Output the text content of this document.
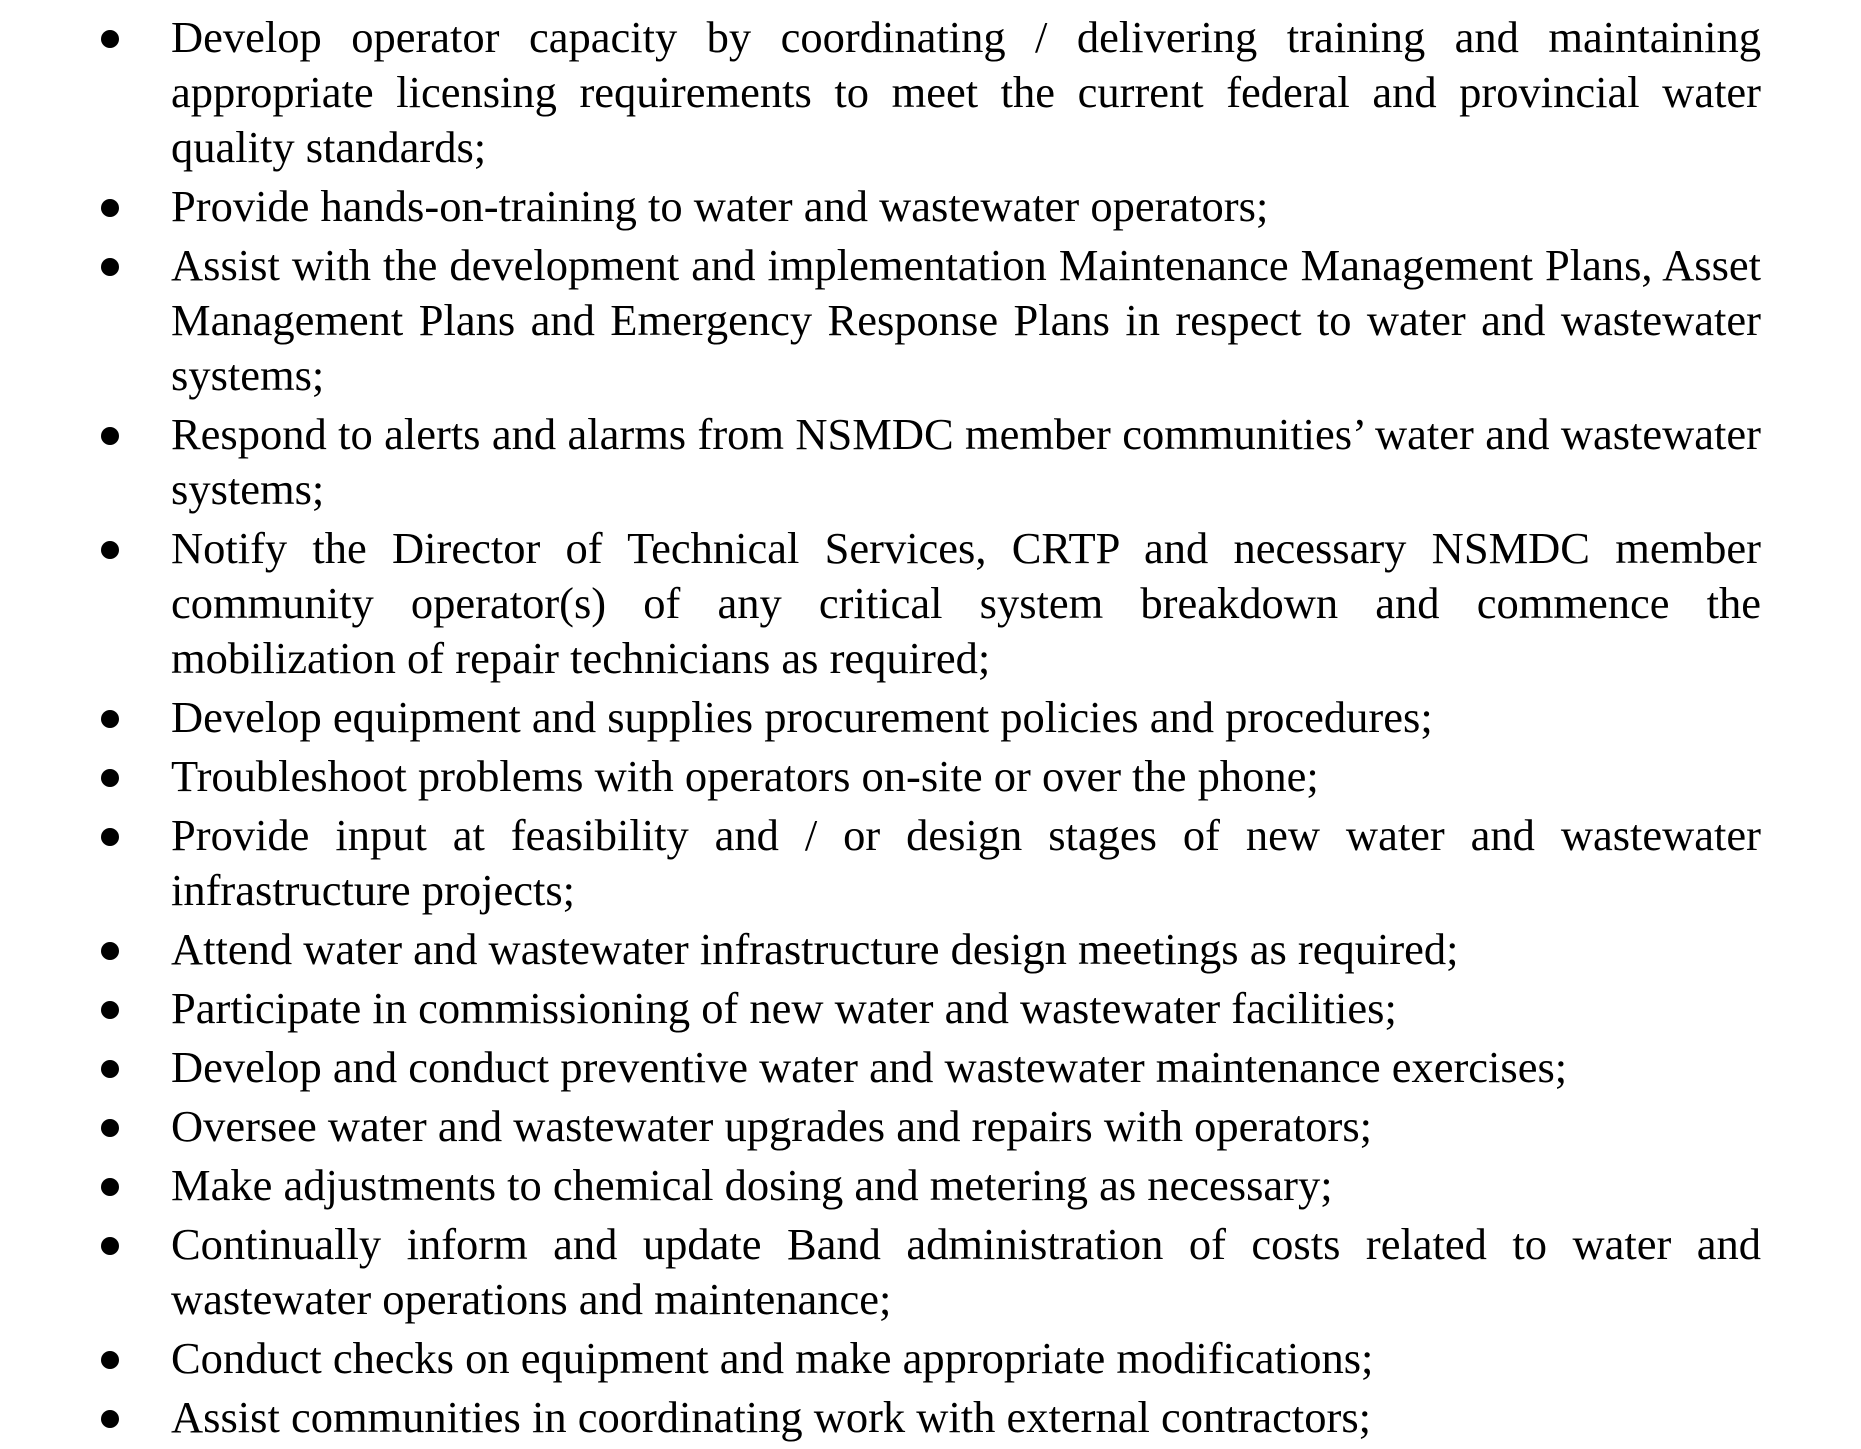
Develop operator capacity by coordinating / delivering training and maintaining appropriate licensing requirements to meet the current federal and provincial water quality standards;
Provide hands-on-training to water and wastewater operators;
Assist with the development and implementation Maintenance Management Plans, Asset Management Plans and Emergency Response Plans in respect to water and wastewater systems;
Respond to alerts and alarms from NSMDC member communities’ water and wastewater systems;
Notify the Director of Technical Services, CRTP and necessary NSMDC member community operator(s) of any critical system breakdown and commence the mobilization of repair technicians as required;
Develop equipment and supplies procurement policies and procedures;
Troubleshoot problems with operators on-site or over the phone;
Provide input at feasibility and / or design stages of new water and wastewater infrastructure projects;
Attend water and wastewater infrastructure design meetings as required;
Participate in commissioning of new water and wastewater facilities;
Develop and conduct preventive water and wastewater maintenance exercises;
Oversee water and wastewater upgrades and repairs with operators;
Make adjustments to chemical dosing and metering as necessary;
Continually inform and update Band administration of costs related to water and wastewater operations and maintenance;
Conduct checks on equipment and make appropriate modifications;
Assist communities in coordinating work with external contractors;
